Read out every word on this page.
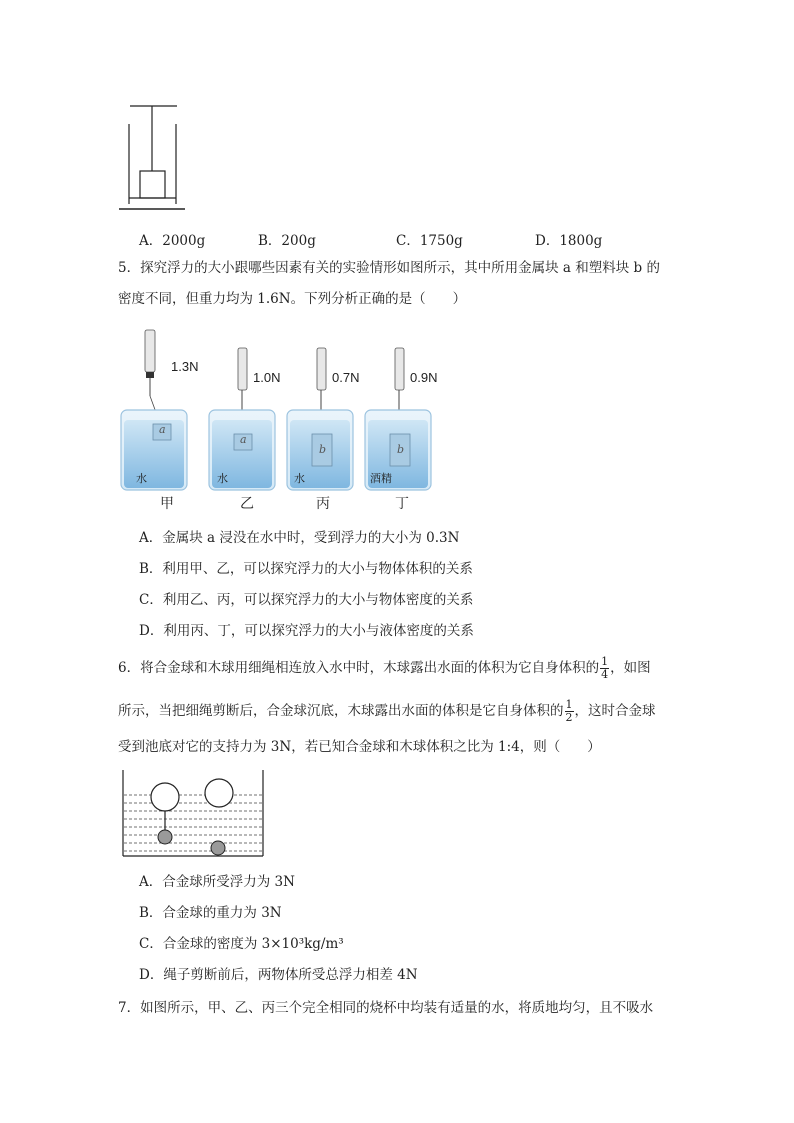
A．2000g	B．200g	C．1750g	D．1800g
5．探究浮力的大小跟哪些因素有关的实验情形如图所示，其中所用金属块 a 和塑料块 b 的
密度不同，但重力均为 1.6N。下列分析正确的是（　　）
1.3N
1.0N	0.7N	0.9N
a
a
b	b
水	水	水	酒精
甲	乙	丙	丁
A．金属块 a 浸没在水中时，受到浮力的大小为 0.3N
B．利用甲、乙，可以探究浮力的大小与物体体积的关系
C．利用乙、丙，可以探究浮力的大小与物体密度的关系
D．利用丙、丁，可以探究浮力的大小与液体密度的关系
6．将合金球和木球用细绳相连放入水中时，木球露出水面的体积为它自身体积的 $\frac{1}{4}$ ，如图
所示，当把细绳剪断后，合金球沉底，木球露出水面的体积是它自身体积的 $\frac{1}{2}$ ，这时合金球
受到池底对它的支持力为 3N，若已知合金球和木球体积之比为 1:4，则（　　）
A．合金球所受浮力为 3N
B．合金球的重力为 3N
C．合金球的密度为 3×10³kg/m³
D．绳子剪断前后，两物体所受总浮力相差 4N
7．如图所示，甲、乙、丙三个完全相同的烧杯中均装有适量的水，将质地均匀，且不吸水
